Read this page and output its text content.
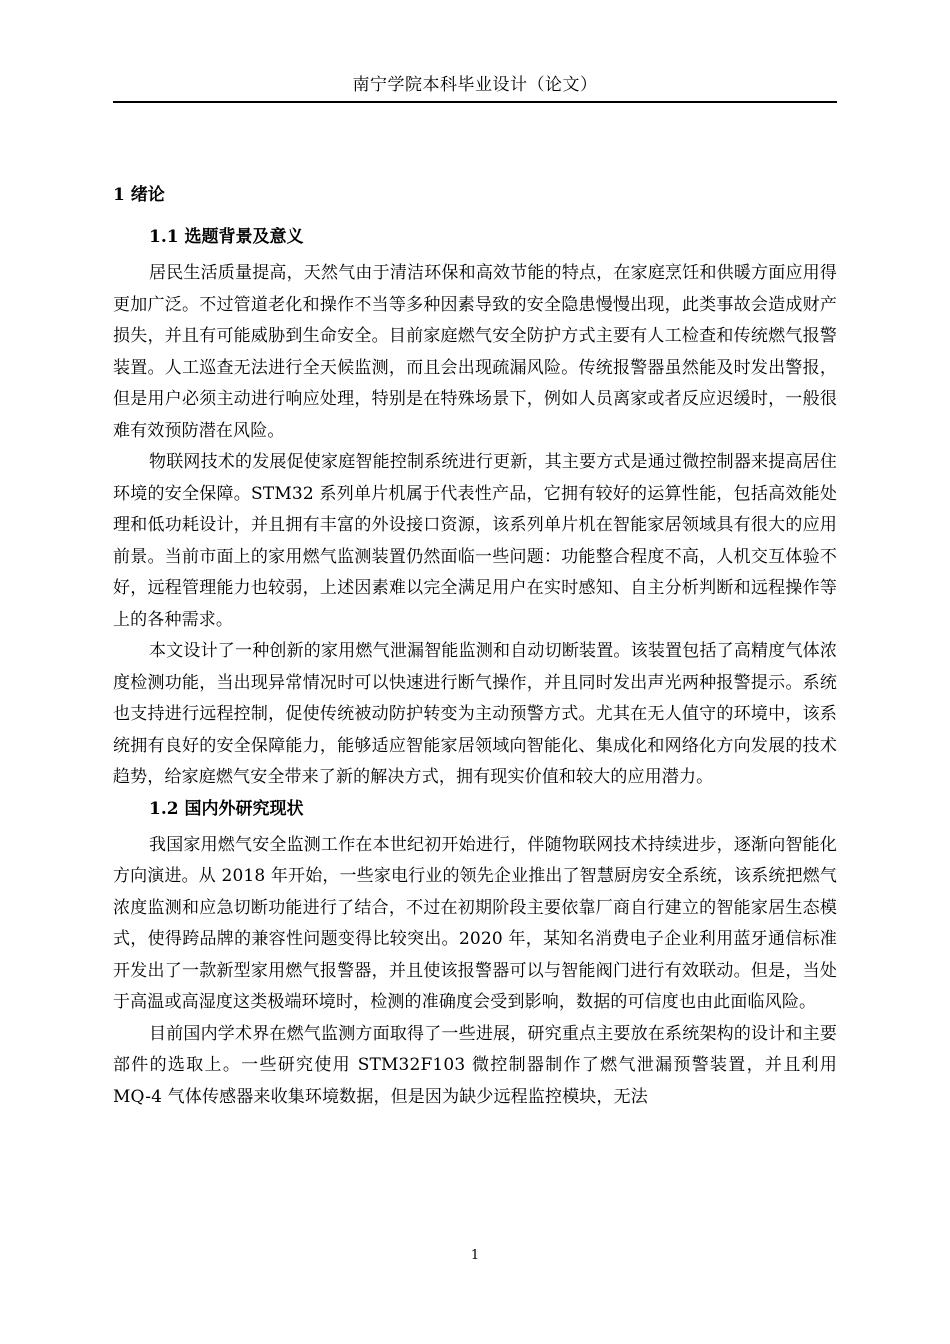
南宁学院本科毕业设计（论文）
1 绪论
1.1 选题背景及意义

居民生活质量提高，天然气由于清洁环保和高效节能的特点，在家庭烹饪和供暖方面应用得更加广泛。不过管道老化和操作不当等多种因素导致的安全隐患慢慢出现，此类事故会造成财产损失，并且有可能威胁到生命安全。目前家庭燃气安全防护方式主要有人工检查和传统燃气报警装置。人工巡查无法进行全天候监测，而且会出现疏漏风险。传统报警器虽然能及时发出警报，但是用户必须主动进行响应处理，特别是在特殊场景下，例如人员离家或者反应迟缓时，一般很难有效预防潜在风险。

物联网技术的发展促使家庭智能控制系统进行更新，其主要方式是通过微控制器来提高居住环境的安全保障。STM32 系列单片机属于代表性产品，它拥有较好的运算性能，包括高效能处理和低功耗设计，并且拥有丰富的外设接口资源，该系列单片机在智能家居领域具有很大的应用前景。当前市面上的家用燃气监测装置仍然面临一些问题：功能整合程度不高，人机交互体验不好，远程管理能力也较弱，上述因素难以完全满足用户在实时感知、自主分析判断和远程操作等上的各种需求。

本文设计了一种创新的家用燃气泄漏智能监测和自动切断装置。该装置包括了高精度气体浓度检测功能，当出现异常情况时可以快速进行断气操作，并且同时发出声光两种报警提示。系统也支持进行远程控制，促使传统被动防护转变为主动预警方式。尤其在无人值守的环境中，该系统拥有良好的安全保障能力，能够适应智能家居领域向智能化、集成化和网络化方向发展的技术趋势，给家庭燃气安全带来了新的解决方式，拥有现实价值和较大的应用潜力。

1.2 国内外研究现状

我国家用燃气安全监测工作在本世纪初开始进行，伴随物联网技术持续进步，逐渐向智能化方向演进。从 2018 年开始，一些家电行业的领先企业推出了智慧厨房安全系统，该系统把燃气浓度监测和应急切断功能进行了结合，不过在初期阶段主要依靠厂商自行建立的智能家居生态模式，使得跨品牌的兼容性问题变得比较突出。2020 年，某知名消费电子企业利用蓝牙通信标准开发出了一款新型家用燃气报警器，并且使该报警器可以与智能阀门进行有效联动。但是，当处于高温或高湿度这类极端环境时，检测的准确度会受到影响，数据的可信度也由此面临风险。

目前国内学术界在燃气监测方面取得了一些进展，研究重点主要放在系统架构的设计和主要部件的选取上。一些研究使用 STM32F103 微控制器制作了燃气泄漏预警装置，并且利用 MQ-4 气体传感器来收集环境数据，但是因为缺少远程监控模块，无法

1
